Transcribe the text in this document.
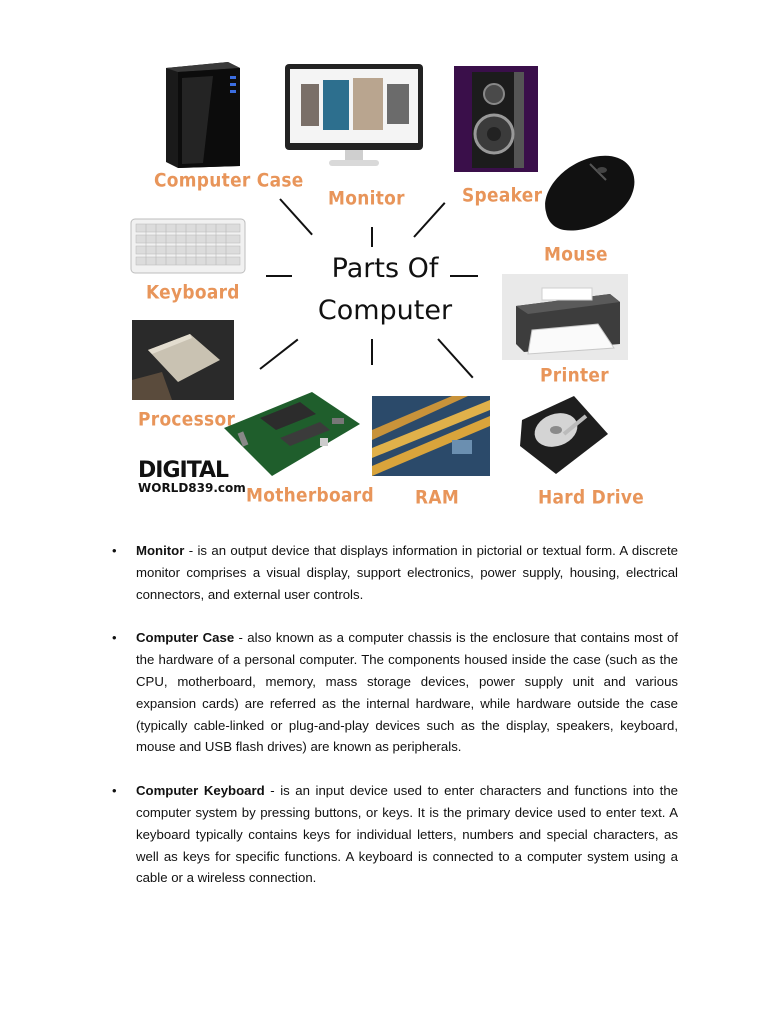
Computer Case
Monitor	Speaker
Mouse
Keyboard
Printer
Processor
Motherboard RAM	Hard Drive
Parts Of
Computer
DIGITAL
WORLD839.com
• Monitor - is an output device that displays information in pictorial or textual form. A discrete monitor comprises a visual display, support electronics, power supply, housing, electrical connectors, and external user controls.
• Computer Case - also known as a computer chassis is the enclosure that contains most of the hardware of a personal computer. The components housed inside the case (such as the CPU, motherboard, memory, mass storage devices, power supply unit and various expansion cards) are referred as the internal hardware, while hardware outside the case (typically cable-linked or plug-and-play devices such as the display, speakers, keyboard, mouse and USB flash drives) are known as peripherals.
• Computer Keyboard - is an input device used to enter characters and functions into the computer system by pressing buttons, or keys. It is the primary device used to enter text. A keyboard typically contains keys for individual letters, numbers and special characters, as well as keys for specific functions. A keyboard is connected to a computer system using a cable or a wireless connection.
